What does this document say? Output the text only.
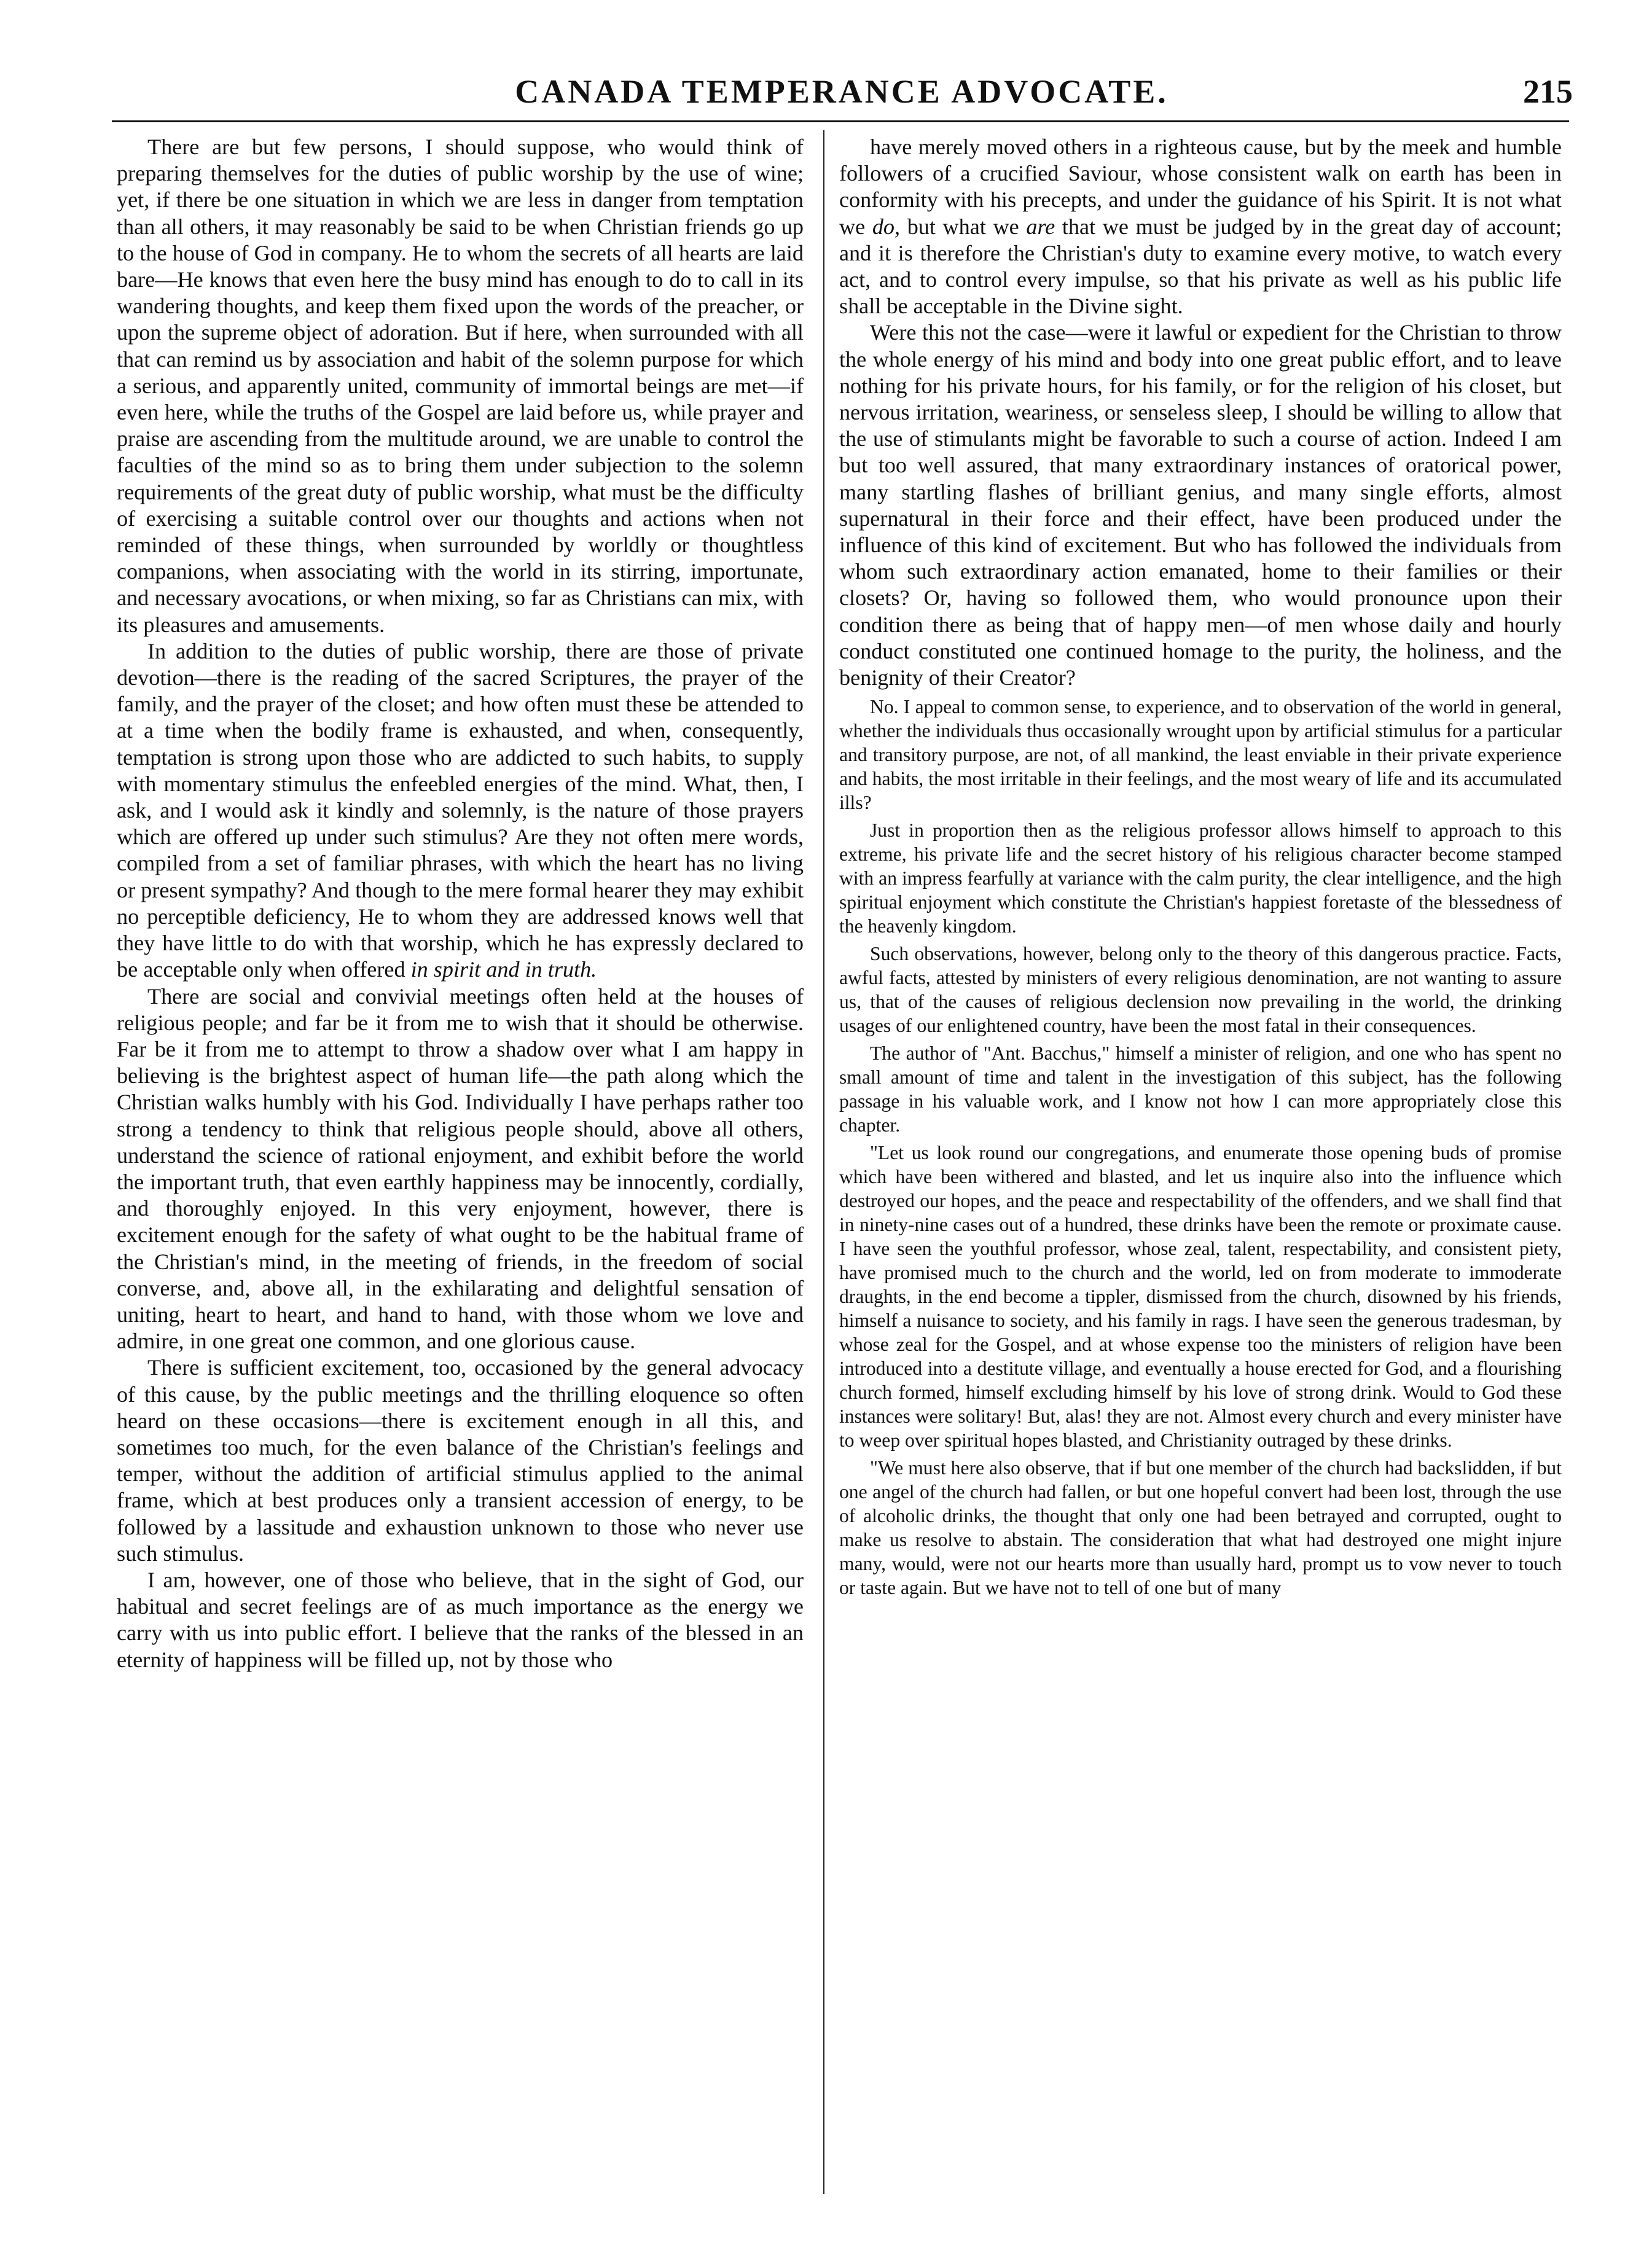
CANADA TEMPERANCE ADVOCATE.	215

There are but few persons, I should suppose, who would think of preparing themselves for the duties of public worship by the use of wine; yet, if there be one situation in which we are less in danger from temptation than all others, it may reasonably be said to be when Christian friends go up to the house of God in company. He to whom the secrets of all hearts are laid bare—He knows that even here the busy mind has enough to do to call in its wandering thoughts, and keep them fixed upon the words of the preacher, or upon the supreme object of adoration. But if here, when surrounded with all that can remind us by association and habit of the solemn purpose for which a serious, and apparently united, community of immortal beings are met—if even here, while the truths of the Gospel are laid before us, while prayer and praise are ascending from the multitude around, we are unable to control the faculties of the mind so as to bring them under subjection to the solemn requirements of the great duty of public worship, what must be the difficulty of exercising a suitable control over our thoughts and actions when not reminded of these things, when surrounded by worldly or thoughtless companions, when associating with the world in its stirring, importunate, and necessary avocations, or when mixing, so far as Christians can mix, with its pleasures and amusements.

In addition to the duties of public worship, there are those of private devotion—there is the reading of the sacred Scriptures, the prayer of the family, and the prayer of the closet; and how often must these be attended to at a time when the bodily frame is exhausted, and when, consequently, temptation is strong upon those who are addicted to such habits, to supply with momentary stimulus the enfeebled energies of the mind. What, then, I ask, and I would ask it kindly and solemnly, is the nature of those prayers which are offered up under such stimulus? Are they not often mere words, compiled from a set of familiar phrases, with which the heart has no living or present sympathy? And though to the mere formal hearer they may exhibit no perceptible deficiency, He to whom they are addressed knows well that they have little to do with that worship, which he has expressly declared to be acceptable only when offered in spirit and in truth.

There are social and convivial meetings often held at the houses of religious people; and far be it from me to wish that it should be otherwise. Far be it from me to attempt to throw a shadow over what I am happy in believing is the brightest aspect of human life—the path along which the Christian walks humbly with his God. Individually I have perhaps rather too strong a tendency to think that religious people should, above all others, understand the science of rational enjoyment, and exhibit before the world the important truth, that even earthly happiness may be innocently, cordially, and thoroughly enjoyed. In this very enjoyment, however, there is excitement enough for the safety of what ought to be the habitual frame of the Christian's mind, in the meeting of friends, in the freedom of social converse, and, above all, in the exhilarating and delightful sensation of uniting, heart to heart, and hand to hand, with those whom we love and admire, in one great one common, and one glorious cause.

There is sufficient excitement, too, occasioned by the general advocacy of this cause, by the public meetings and the thrilling eloquence so often heard on these occasions—there is excitement enough in all this, and sometimes too much, for the even balance of the Christian's feelings and temper, without the addition of artificial stimulus applied to the animal frame, which at best produces only a transient accession of energy, to be followed by a lassitude and exhaustion unknown to those who never use such stimulus.

I am, however, one of those who believe, that in the sight of God, our habitual and secret feelings are of as much importance as the energy we carry with us into public effort. I believe that the ranks of the blessed in an eternity of happiness will be filled up, not by those who

have merely moved others in a righteous cause, but by the meek and humble followers of a crucified Saviour, whose consistent walk on earth has been in conformity with his precepts, and under the guidance of his Spirit. It is not what we do, but what we are that we must be judged by in the great day of account; and it is therefore the Christian's duty to examine every motive, to watch every act, and to control every impulse, so that his private as well as his public life shall be acceptable in the Divine sight.

Were this not the case—were it lawful or expedient for the Christian to throw the whole energy of his mind and body into one great public effort, and to leave nothing for his private hours, for his family, or for the religion of his closet, but nervous irritation, weariness, or senseless sleep, I should be willing to allow that the use of stimulants might be favorable to such a course of action. Indeed I am but too well assured, that many extraordinary instances of oratorical power, many startling flashes of brilliant genius, and many single efforts, almost supernatural in their force and their effect, have been produced under the influence of this kind of excitement. But who has followed the individuals from whom such extraordinary action emanated, home to their families or their closets? Or, having so followed them, who would pronounce upon their condition there as being that of happy men—of men whose daily and hourly conduct constituted one continued homage to the purity, the holiness, and the benignity of their Creator?

No. I appeal to common sense, to experience, and to observation of the world in general, whether the individuals thus occasionally wrought upon by artificial stimulus for a particular and transitory purpose, are not, of all mankind, the least enviable in their private experience and habits, the most irritable in their feelings, and the most weary of life and its accumulated ills?

Just in proportion then as the religious professor allows himself to approach to this extreme, his private life and the secret history of his religious character become stamped with an impress fearfully at variance with the calm purity, the clear intelligence, and the high spiritual enjoyment which constitute the Christian's happiest foretaste of the blessedness of the heavenly kingdom.

Such observations, however, belong only to the theory of this dangerous practice. Facts, awful facts, attested by ministers of every religious denomination, are not wanting to assure us, that of the causes of religious declension now prevailing in the world, the drinking usages of our enlightened country, have been the most fatal in their consequences.

The author of "Ant. Bacchus," himself a minister of religion, and one who has spent no small amount of time and talent in the investigation of this subject, has the following passage in his valuable work, and I know not how I can more appropriately close this chapter.

"Let us look round our congregations, and enumerate those opening buds of promise which have been withered and blasted, and let us inquire also into the influence which destroyed our hopes, and the peace and respectability of the offenders, and we shall find that in ninety-nine cases out of a hundred, these drinks have been the remote or proximate cause. I have seen the youthful professor, whose zeal, talent, respectability, and consistent piety, have promised much to the church and the world, led on from moderate to immoderate draughts, in the end become a tippler, dismissed from the church, disowned by his friends, himself a nuisance to society, and his family in rags. I have seen the generous tradesman, by whose zeal for the Gospel, and at whose expense too the ministers of religion have been introduced into a destitute village, and eventually a house erected for God, and a flourishing church formed, himself excluding himself by his love of strong drink. Would to God these instances were solitary! But, alas! they are not. Almost every church and every minister have to weep over spiritual hopes blasted, and Christianity outraged by these drinks.

"We must here also observe, that if but one member of the church had backslidden, if but one angel of the church had fallen, or but one hopeful convert had been lost, through the use of alcoholic drinks, the thought that only one had been betrayed and corrupted, ought to make us resolve to abstain. The consideration that what had destroyed one might injure many, would, were not our hearts more than usually hard, prompt us to vow never to touch or taste again. But we have not to tell of one but of many
